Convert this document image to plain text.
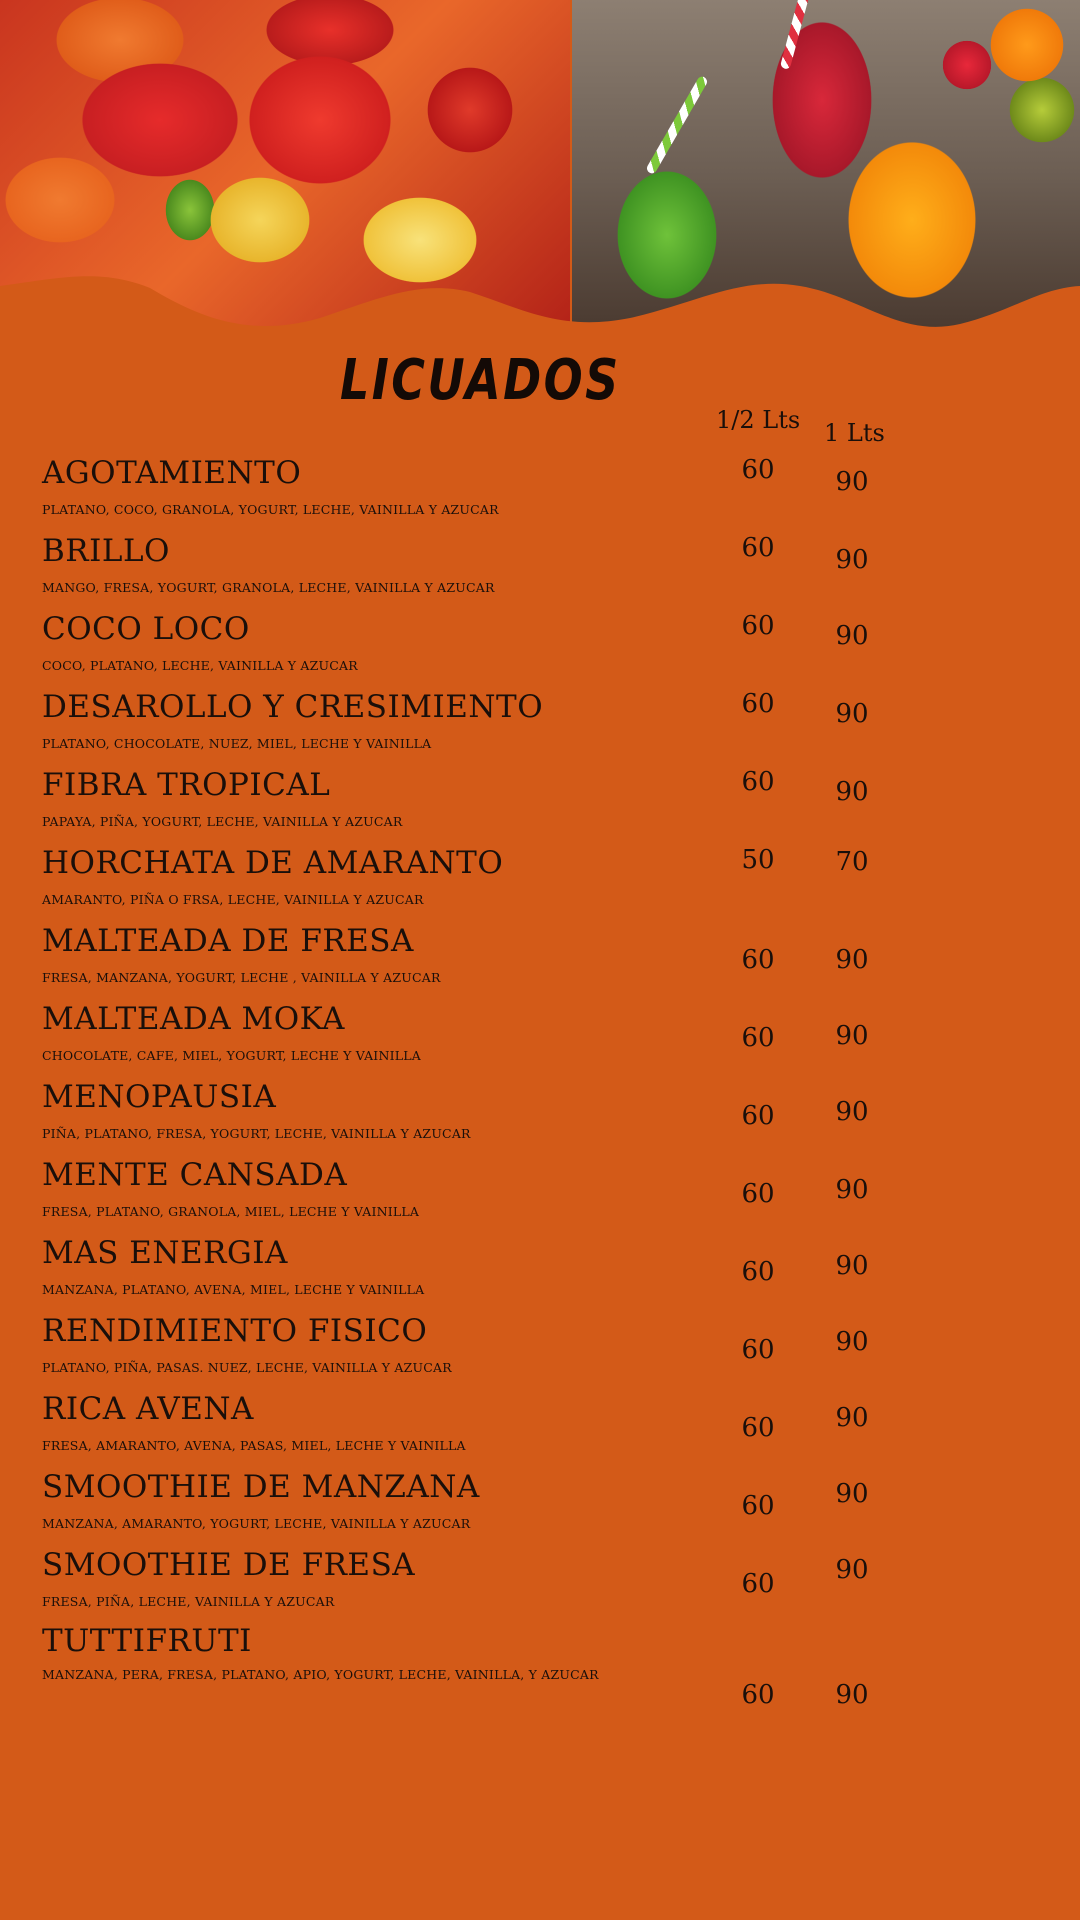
LICUADOS
1/2 Lts 1 Lts
AGOTAMIENTO
PLATANO, COCO, GRANOLA, YOGURT, LECHE, VAINILLA Y AZUCAR
60	90
BRILLO
MANGO, FRESA, YOGURT, GRANOLA, LECHE, VAINILLA Y AZUCAR
60	90
COCO LOCO
COCO, PLATANO, LECHE, VAINILLA Y AZUCAR
60	90
DESAROLLO Y CRESIMIENTO
PLATANO, CHOCOLATE, NUEZ, MIEL, LECHE Y VAINILLA
60	90
FIBRA TROPICAL
PAPAYA, PIÑA, YOGURT, LECHE, VAINILLA Y AZUCAR
60	90
HORCHATA DE AMARANTO
AMARANTO, PIÑA O FRSA, LECHE, VAINILLA Y AZUCAR
50	70
MALTEADA DE FRESA
FRESA, MANZANA, YOGURT, LECHE , VAINILLA Y AZUCAR
60	90
MALTEADA MOKA
CHOCOLATE, CAFE, MIEL, YOGURT, LECHE Y VAINILLA
60	90
MENOPAUSIA
PIÑA, PLATANO, FRESA, YOGURT, LECHE, VAINILLA Y AZUCAR
60	90
MENTE CANSADA
FRESA, PLATANO, GRANOLA, MIEL, LECHE Y VAINILLA
60	90
MAS ENERGIA
MANZANA, PLATANO, AVENA, MIEL, LECHE Y VAINILLA
60	90
RENDIMIENTO FISICO
PLATANO, PIÑA, PASAS. NUEZ, LECHE, VAINILLA Y AZUCAR
60	90
RICA AVENA
FRESA, AMARANTO, AVENA, PASAS, MIEL, LECHE Y VAINILLA
60	90
SMOOTHIE DE MANZANA
MANZANA, AMARANTO, YOGURT, LECHE, VAINILLA Y AZUCAR
60	90
SMOOTHIE DE FRESA
FRESA, PIÑA, LECHE, VAINILLA Y AZUCAR
60	90
TUTTIFRUTI
MANZANA, PERA, FRESA, PLATANO, APIO, YOGURT, LECHE, VAINILLA, Y AZUCAR
60	90
